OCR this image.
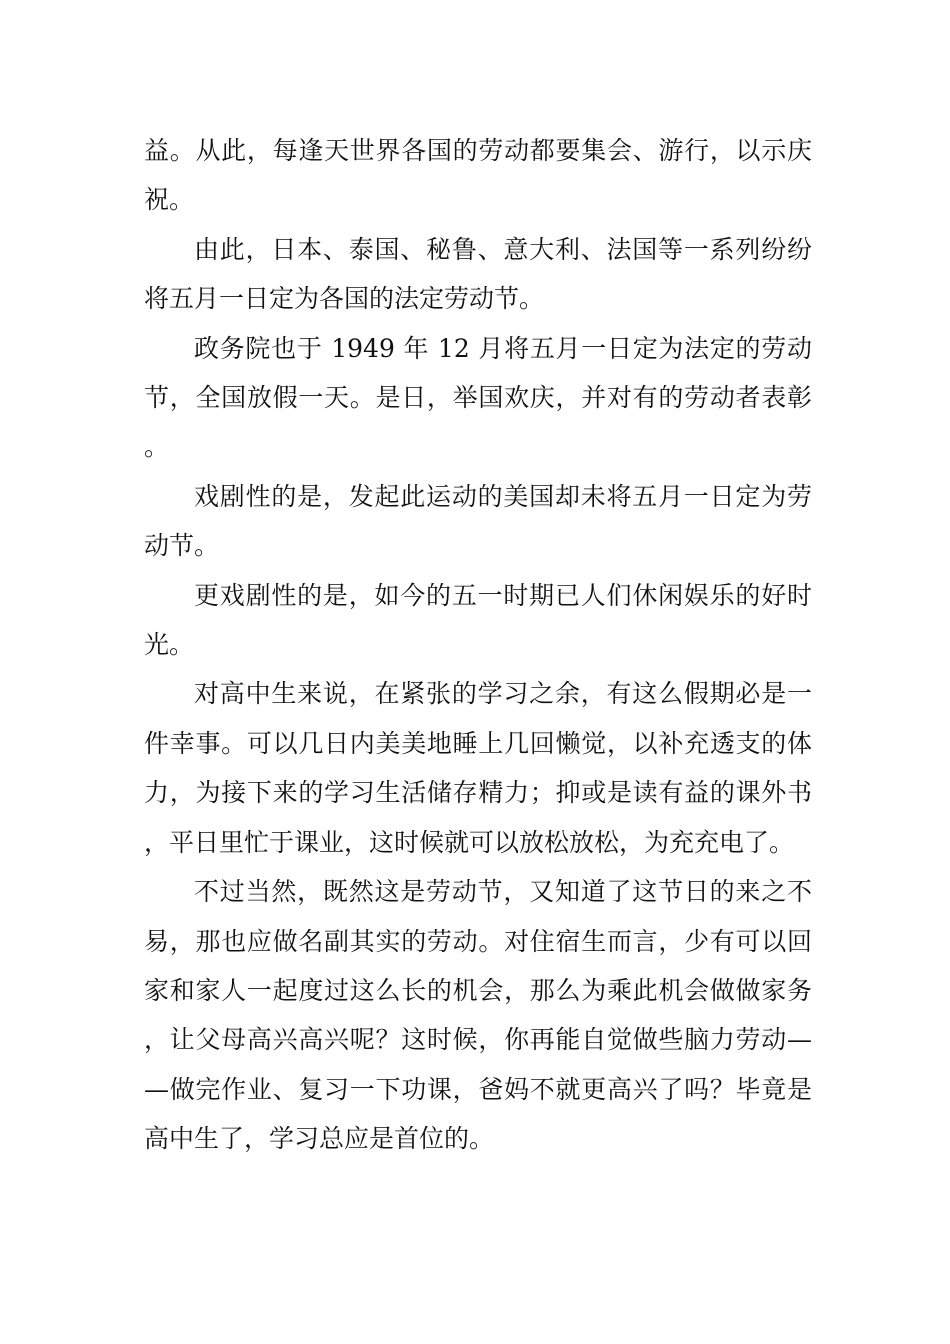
益。从此，每逢天世界各国的劳动都要集会、游行，以示庆祝。

由此，日本、泰国、秘鲁、意大利、法国等一系列纷纷将五月一日定为各国的法定劳动节。

政务院也于 1949 年 12 月将五月一日定为法定的劳动节，全国放假一天。是日，举国欢庆，并对有的劳动者表彰。

戏剧性的是，发起此运动的美国却未将五月一日定为劳动节。

更戏剧性的是，如今的五一时期已人们休闲娱乐的好时光。

对高中生来说，在紧张的学习之余，有这么假期必是一件幸事。可以几日内美美地睡上几回懒觉，以补充透支的体力，为接下来的学习生活储存精力；抑或是读有益的课外书，平日里忙于课业，这时候就可以放松放松，为充充电了。

不过当然，既然这是劳动节，又知道了这节日的来之不易，那也应做名副其实的劳动。对住宿生而言，少有可以回家和家人一起度过这么长的机会，那么为乘此机会做做家务，让父母高兴高兴呢？这时候，你再能自觉做些脑力劳动——做完作业、复习一下功课，爸妈不就更高兴了吗？毕竟是高中生了，学习总应是首位的。
